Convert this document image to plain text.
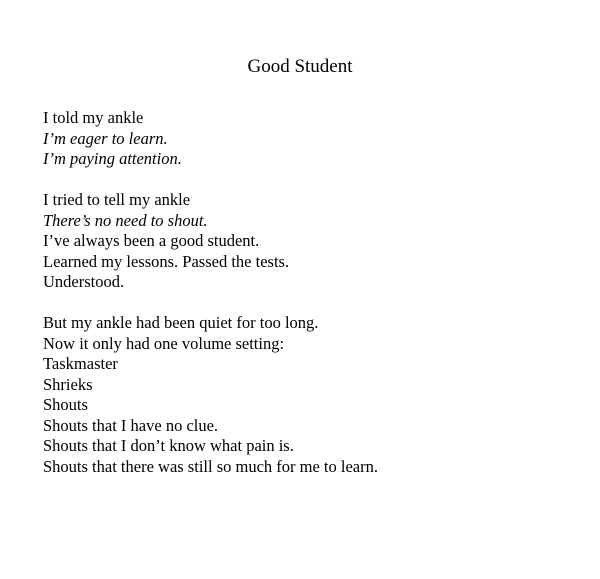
Good Student
I told my ankle
I’m eager to learn.
I’m paying attention.
I tried to tell my ankle
There’s no need to shout.
I’ve always been a good student.
Learned my lessons. Passed the tests.
Understood.
But my ankle had been quiet for too long.
Now it only had one volume setting:
Taskmaster
Shrieks
Shouts
Shouts that I have no clue.
Shouts that I don’t know what pain is.
Shouts that there was still so much for me to learn.
